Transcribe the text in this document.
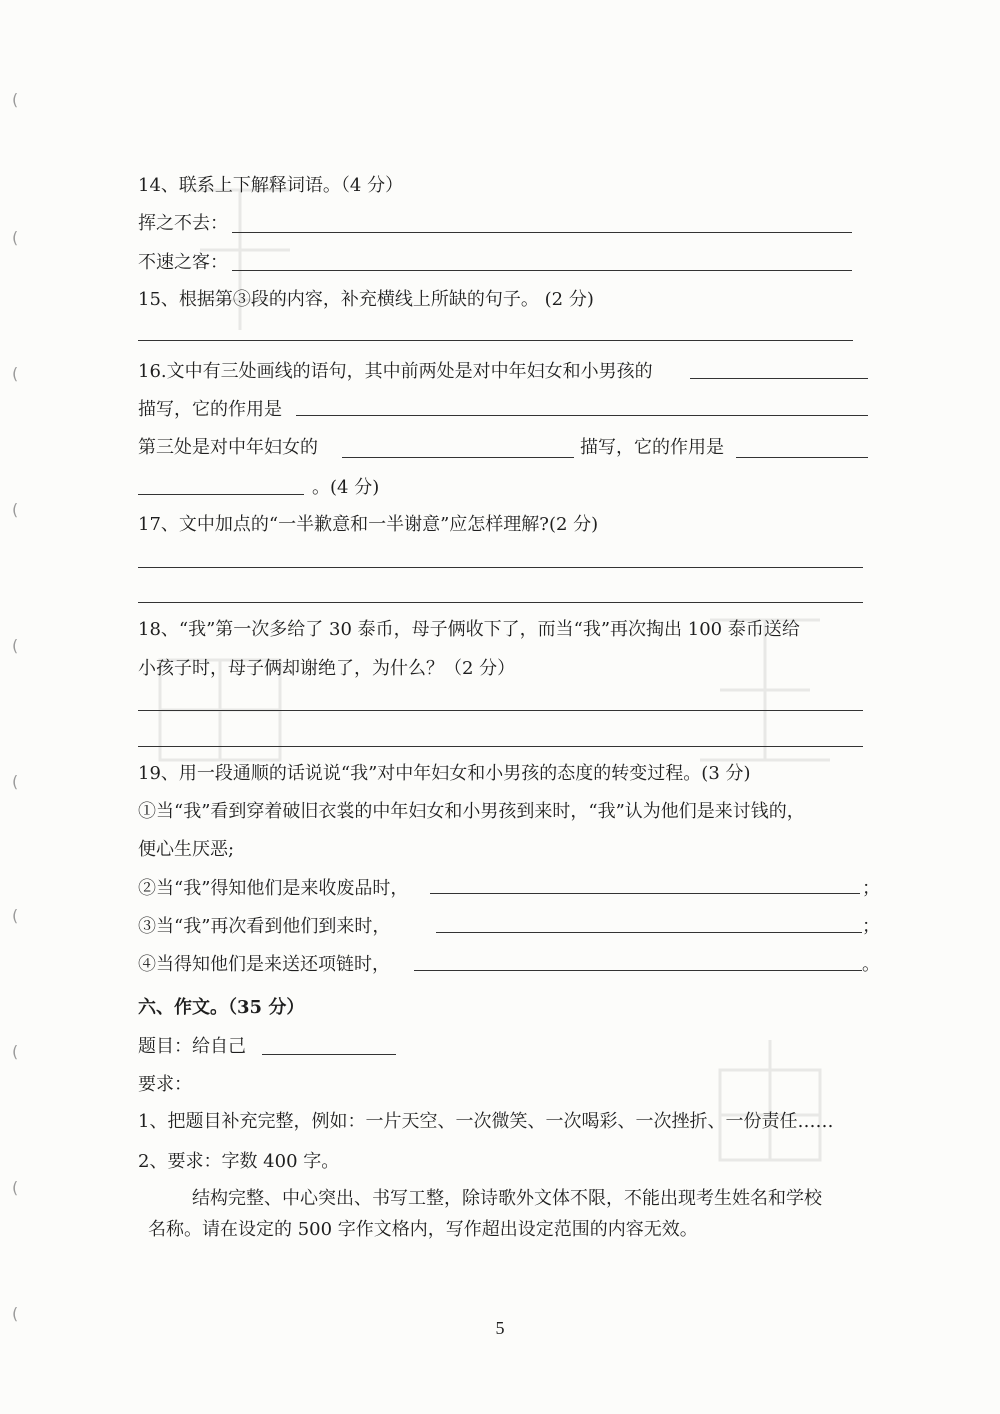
(
(
(
(
(
(
(
(
(
(
14、联系上下解释词语。（4 分）
挥之不去：
不速之客：
15、根据第③段的内容，补充横线上所缺的句子。 (2 分)
16.文中有三处画线的语句，其中前两处是对中年妇女和小男孩的
描写，它的作用是
第三处是对中年妇女的	描写，它的作用是
。(4 分)
17、文中加点的“一半歉意和一半谢意”应怎样理解?(2 分)
18、“我”第一次多给了 30 泰币，母子俩收下了，而当“我”再次掏出 100 泰币送给
小孩子时，母子俩却谢绝了，为什么？（2 分）
19、用一段通顺的话说说“我”对中年妇女和小男孩的态度的转变过程。(3 分)
①当“我”看到穿着破旧衣裳的中年妇女和小男孩到来时，“我”认为他们是来讨钱的，
便心生厌恶;
②当“我”得知他们是来收废品时，	；
③当“我”再次看到他们到来时，	；
④当得知他们是来送还项链时，	。
六、作文。（35 分）
题目：给自己
要求：
1、把题目补充完整，例如：一片天空、一次微笑、一次喝彩、一次挫折、一份责任……
2、要求：字数 400 字。
结构完整、中心突出、书写工整，除诗歌外文体不限，不能出现考生姓名和学校
名称。请在设定的 500 字作文格内，写作超出设定范围的内容无效。
5
